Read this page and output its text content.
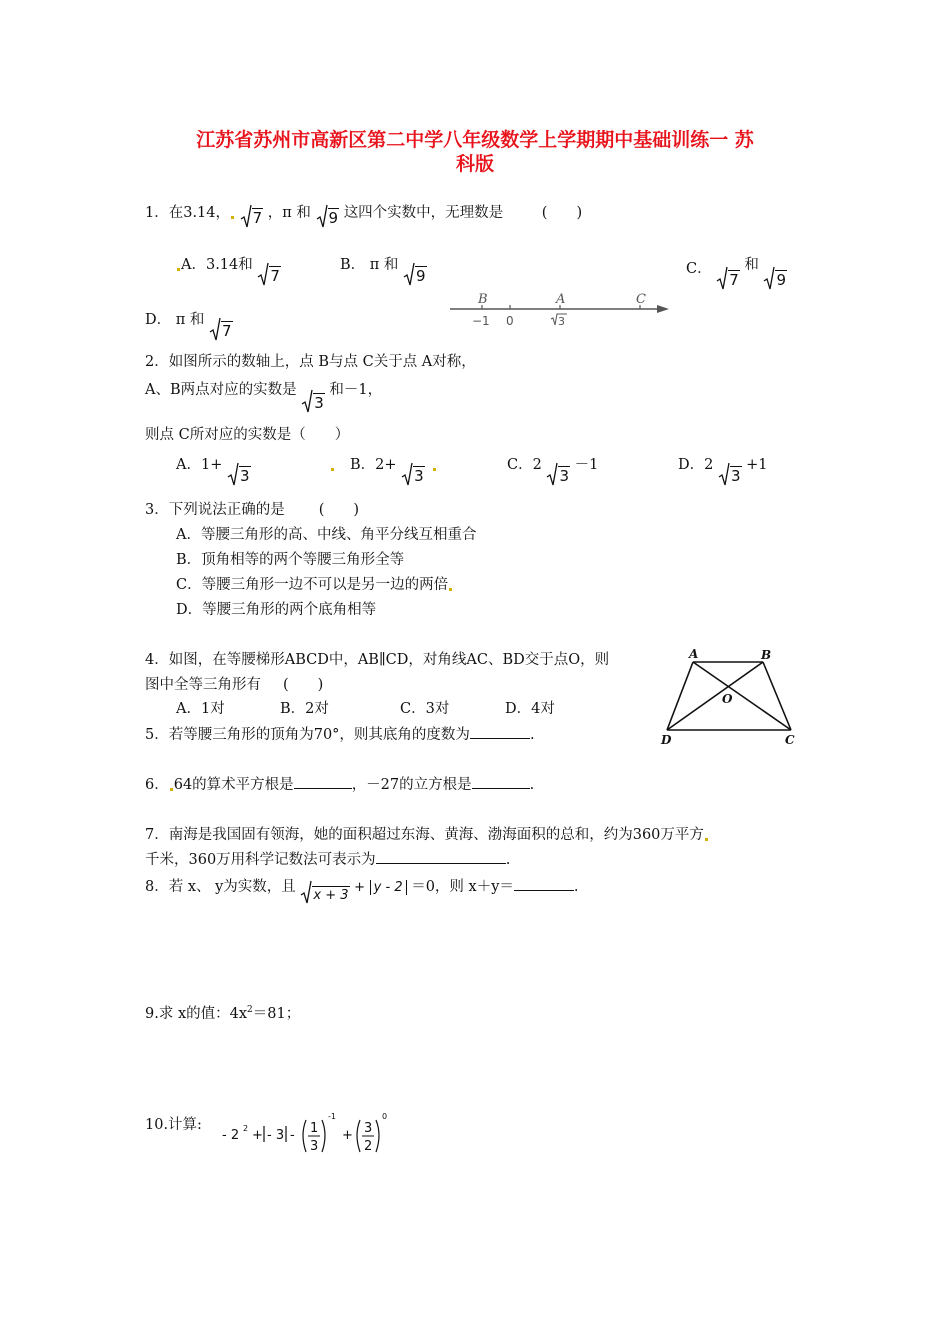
江苏省苏州市高新区第二中学八年级数学上学期期中基础训练一 苏
科版
1．在3.14， 7 ，π 和 9 这四个实数中，无理数是	(　　)
A．3.14和 7
B． π 和 9	C． 7 和 9
D． π 和 7
B	A	C
−1 0	3
2．如图所示的数轴上，点 B与点 C关于点 A对称，
A、B两点对应的实数是 3 和－1，
则点 C所对应的实数是（　　）
A．1+ 3
B．2+ 3
C．2 3 －1	D．2 3 +1
3．下列说法正确的是 (　　)
A．等腰三角形的高、中线、角平分线互相重合
B．顶角相等的两个等腰三角形全等
C．等腰三角形一边不可以是另一边的两倍
D．等腰三角形的两个底角相等
4．如图，在等腰梯形ABCD中，AB∥CD，对角线AC、BD交于点O，则
图中全等三角形有 (　　)
A．1对	B．2对	C．3对	D．4对
A	B
O
D	C
5．若等腰三角形的顶角为70°，则其底角的度数为	.
6． 64的算术平方根是	，－27的立方根是	.
7．南海是我国固有领海，她的面积超过东海、黄海、渤海面积的总和，约为360万平方
千米，360万用科学记数法可表示为	.
8．若 x、 y为实数，且 x + 3 + y - 2 ＝0，则 x＋y＝	.
9.求 x的值：$4x^2=81$；
10.计算:
- 2 2 + - 3 - 1
3
-1
+ 3
2
0
